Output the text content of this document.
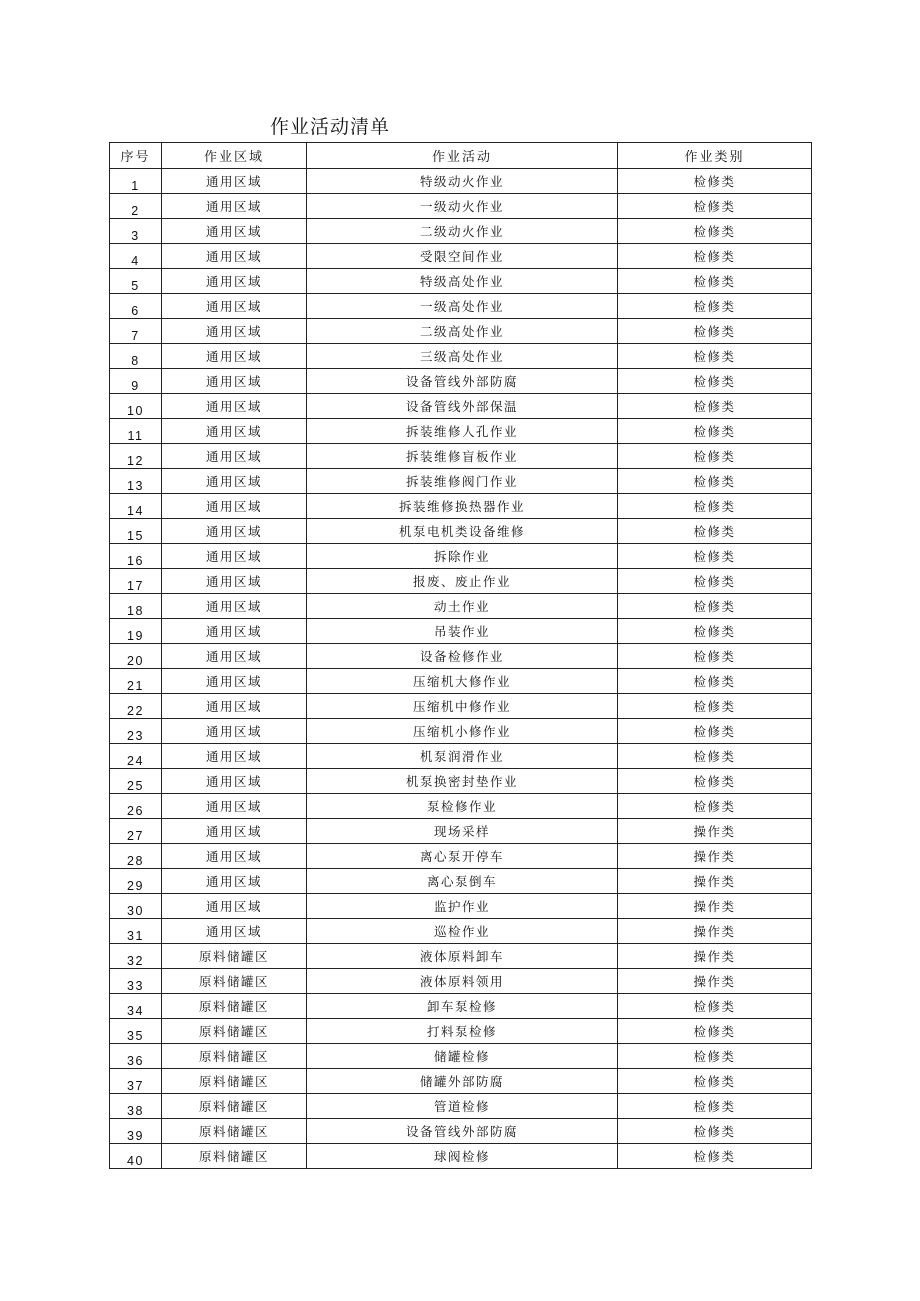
作业活动清单
序号	作业区域	作业活动	作业类别
1	通用区域	特级动火作业	检修类
2	通用区域	一级动火作业	检修类
3	通用区域	二级动火作业	检修类
4	通用区域	受限空间作业	检修类
5	通用区域	特级高处作业	检修类
6	通用区域	一级高处作业	检修类
7	通用区域	二级高处作业	检修类
8	通用区域	三级高处作业	检修类
9	通用区域	设备管线外部防腐	检修类
10	通用区域	设备管线外部保温	检修类
11	通用区域	拆装维修人孔作业	检修类
12	通用区域	拆装维修盲板作业	检修类
13	通用区域	拆装维修阀门作业	检修类
14	通用区域	拆装维修换热器作业	检修类
15	通用区域	机泵电机类设备维修	检修类
16	通用区域	拆除作业	检修类
17	通用区域	报废、废止作业	检修类
18	通用区域	动土作业	检修类
19	通用区域	吊装作业	检修类
20	通用区域	设备检修作业	检修类
21	通用区域	压缩机大修作业	检修类
22	通用区域	压缩机中修作业	检修类
23	通用区域	压缩机小修作业	检修类
24	通用区域	机泵润滑作业	检修类
25	通用区域	机泵换密封垫作业	检修类
26	通用区域	泵检修作业	检修类
27	通用区域	现场采样	操作类
28	通用区域	离心泵开停车	操作类
29	通用区域	离心泵倒车	操作类
30	通用区域	监护作业	操作类
31	通用区域	巡检作业	操作类
32	原料储罐区	液体原料卸车	操作类
33	原料储罐区	液体原料领用	操作类
34	原料储罐区	卸车泵检修	检修类
35	原料储罐区	打料泵检修	检修类
36	原料储罐区	储罐检修	检修类
37	原料储罐区	储罐外部防腐	检修类
38	原料储罐区	管道检修	检修类
39	原料储罐区	设备管线外部防腐	检修类
40	原料储罐区	球阀检修	检修类
